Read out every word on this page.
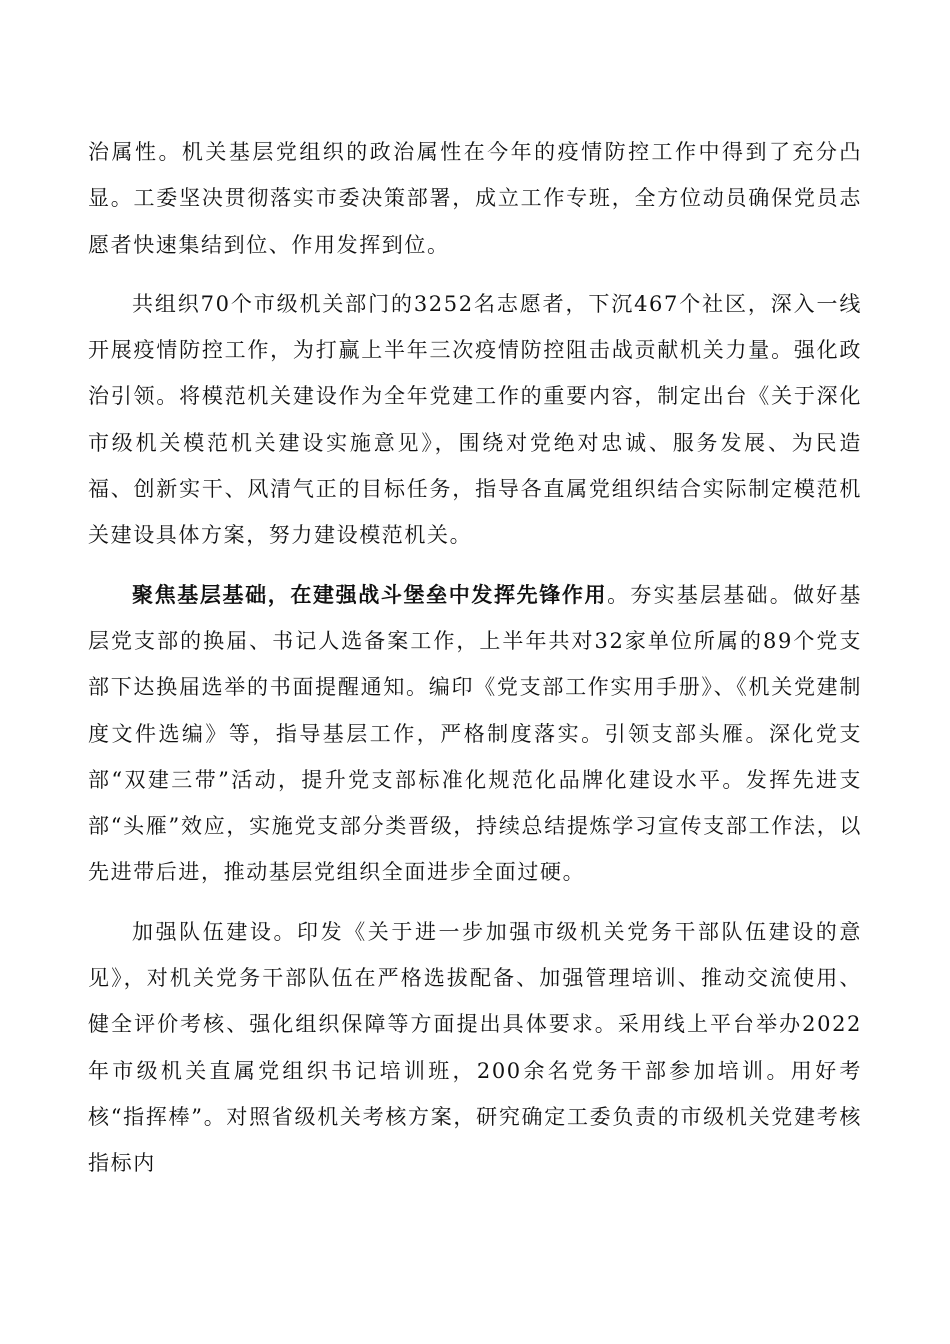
治属性。机关基层党组织的政治属性在今年的疫情防控工作中得到了充分凸显。工委坚决贯彻落实市委决策部署，成立工作专班，全方位动员确保党员志愿者快速集结到位、作用发挥到位。

共组织70个市级机关部门的3252名志愿者，下沉467个社区，深入一线开展疫情防控工作，为打赢上半年三次疫情防控阻击战贡献机关力量。强化政治引领。将模范机关建设作为全年党建工作的重要内容，制定出台《关于深化市级机关模范机关建设实施意见》，围绕对党绝对忠诚、服务发展、为民造福、创新实干、风清气正的目标任务，指导各直属党组织结合实际制定模范机关建设具体方案，努力建设模范机关。

聚焦基层基础，在建强战斗堡垒中发挥先锋作用。夯实基层基础。做好基层党支部的换届、书记人选备案工作，上半年共对32家单位所属的89个党支部下达换届选举的书面提醒通知。编印《党支部工作实用手册》、《机关党建制度文件选编》等，指导基层工作，严格制度落实。引领支部头雁。深化党支部“双建三带”活动，提升党支部标准化规范化品牌化建设水平。发挥先进支部“头雁”效应，实施党支部分类晋级，持续总结提炼学习宣传支部工作法，以先进带后进，推动基层党组织全面进步全面过硬。

加强队伍建设。印发《关于进一步加强市级机关党务干部队伍建设的意见》，对机关党务干部队伍在严格选拔配备、加强管理培训、推动交流使用、健全评价考核、强化组织保障等方面提出具体要求。采用线上平台举办2022年市级机关直属党组织书记培训班，200余名党务干部参加培训。用好考核“指挥棒”。对照省级机关考核方案，研究确定工委负责的市级机关党建考核指标内
